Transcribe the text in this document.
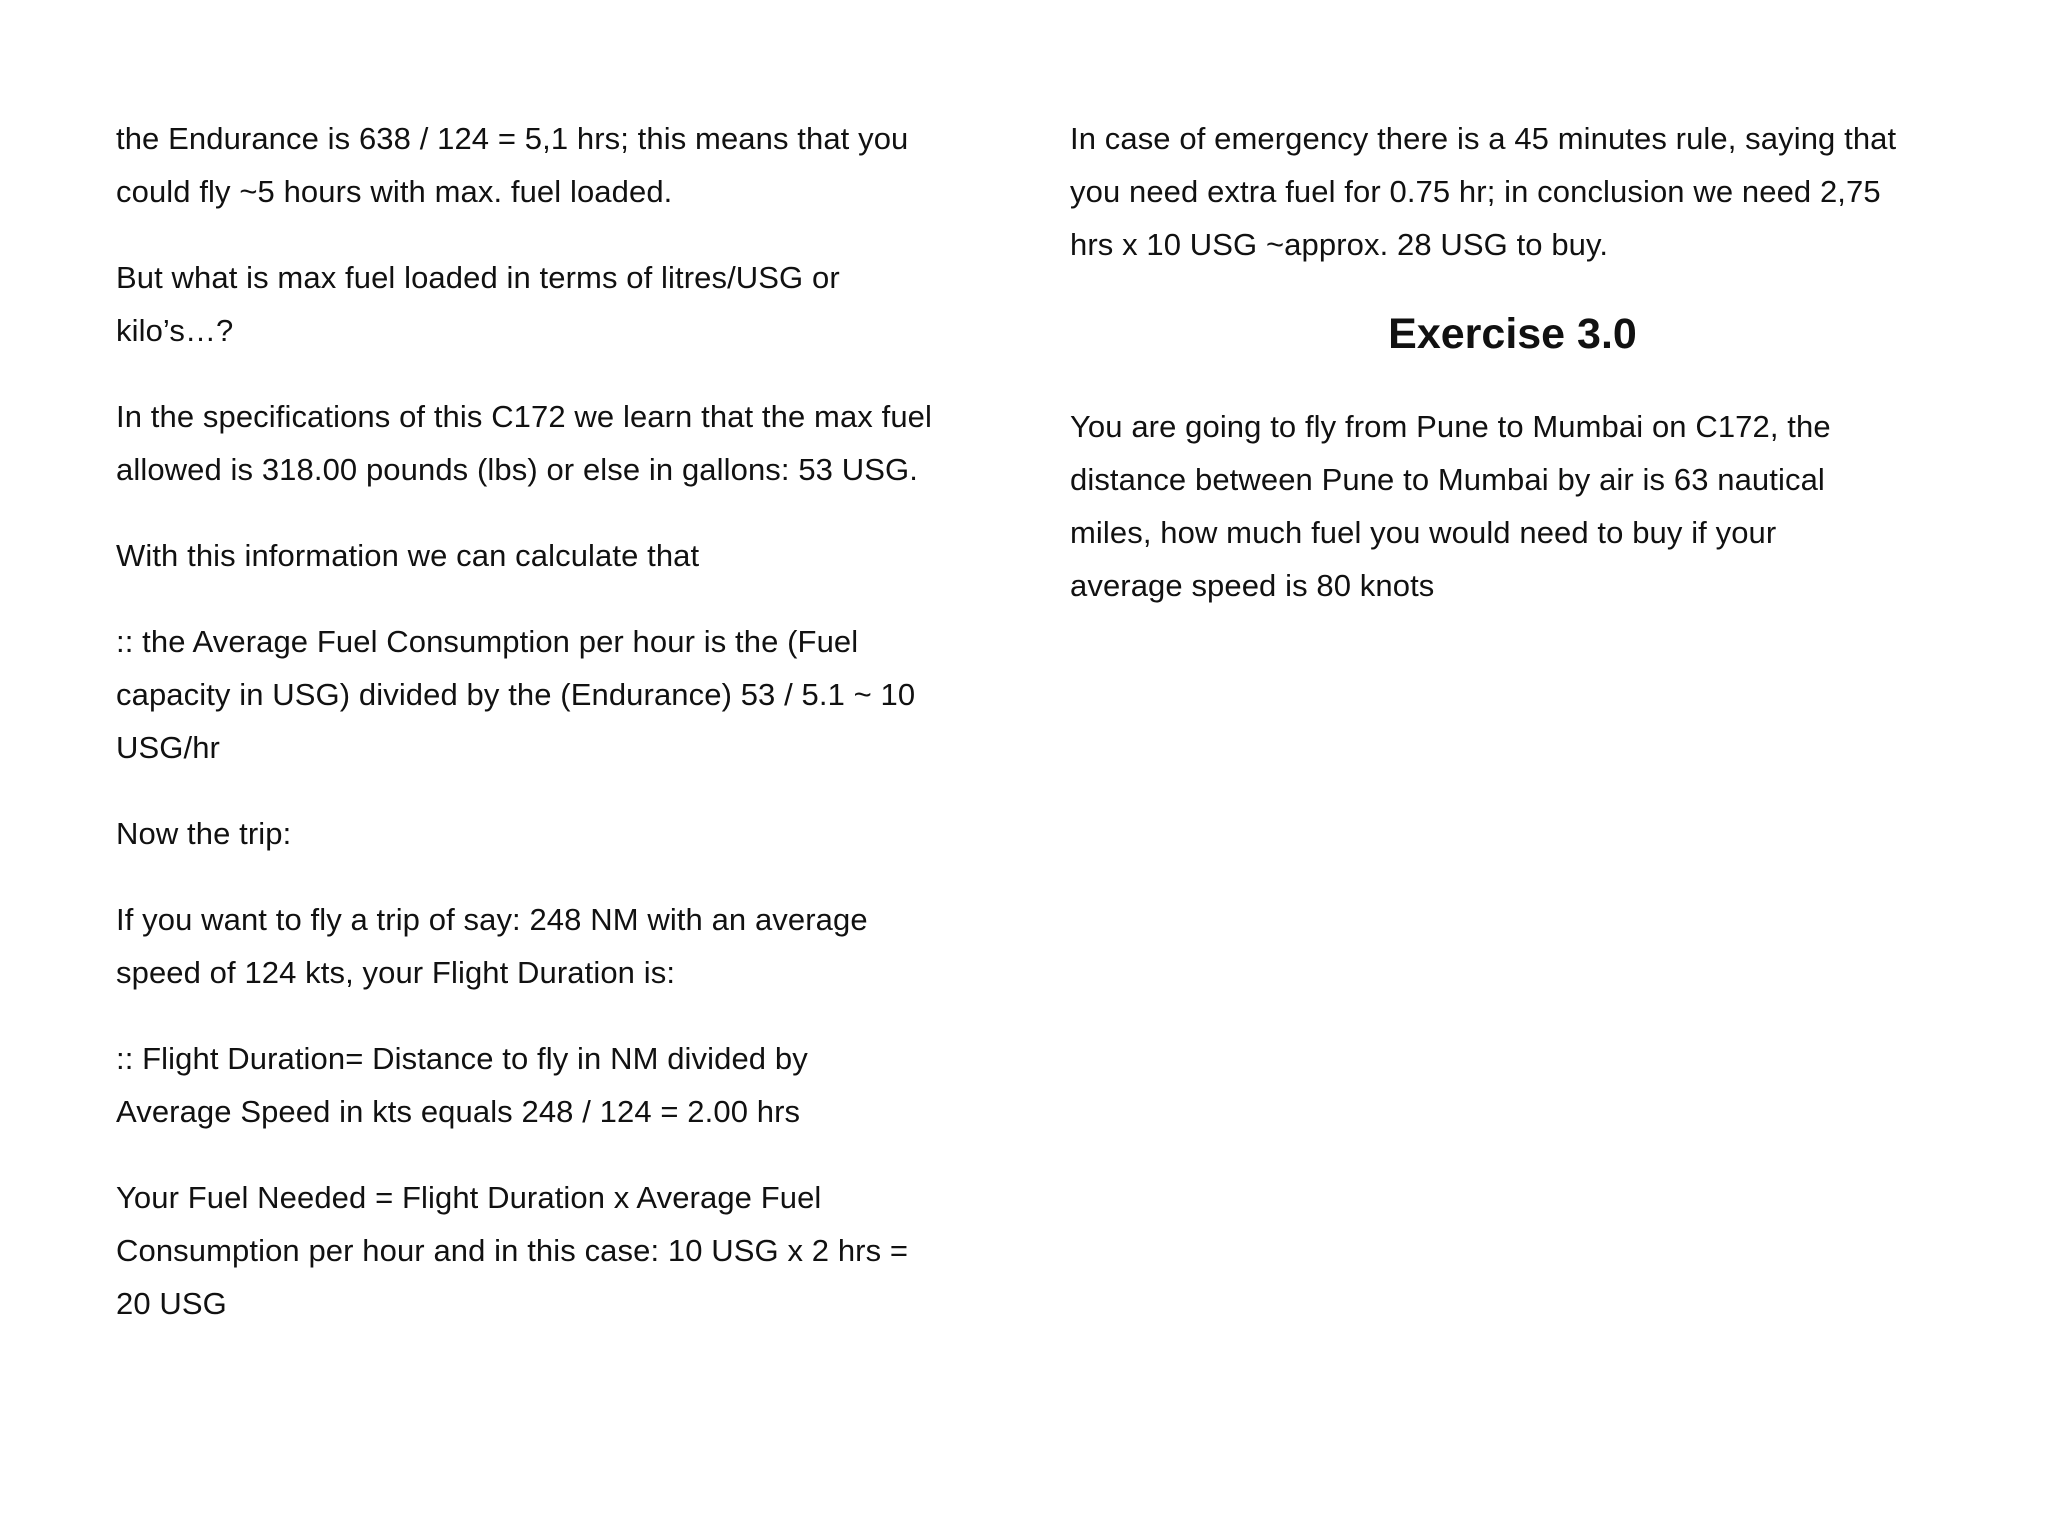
the Endurance is 638 / 124 = 5,1 hrs; this means that you
could fly ~5 hours with max. fuel loaded.

But what is max fuel loaded in terms of litres/USG or
kilo’s…?

In the specifications of this C172 we learn that the max fuel
allowed is 318.00 pounds (lbs) or else in gallons: 53 USG.

With this information we can calculate that

:: the Average Fuel Consumption per hour is the (Fuel
capacity in USG) divided by the (Endurance) 53 / 5.1 ~ 10
USG/hr

Now the trip:

If you want to fly a trip of say: 248 NM with an average
speed of 124 kts, your Flight Duration is:

:: Flight Duration= Distance to fly in NM divided by
Average Speed in kts equals 248 / 124 = 2.00 hrs

Your Fuel Needed = Flight Duration x Average Fuel
Consumption per hour and in this case: 10 USG x 2 hrs =
20 USG

In case of emergency there is a 45 minutes rule, saying that
you need extra fuel for 0.75 hr; in conclusion we need 2,75
hrs x 10 USG ~approx. 28 USG to buy.

Exercise 3.0

You are going to fly from Pune to Mumbai on C172, the
distance between Pune to Mumbai by air is 63 nautical
miles, how much fuel you would need to buy if your
average speed is 80 knots
